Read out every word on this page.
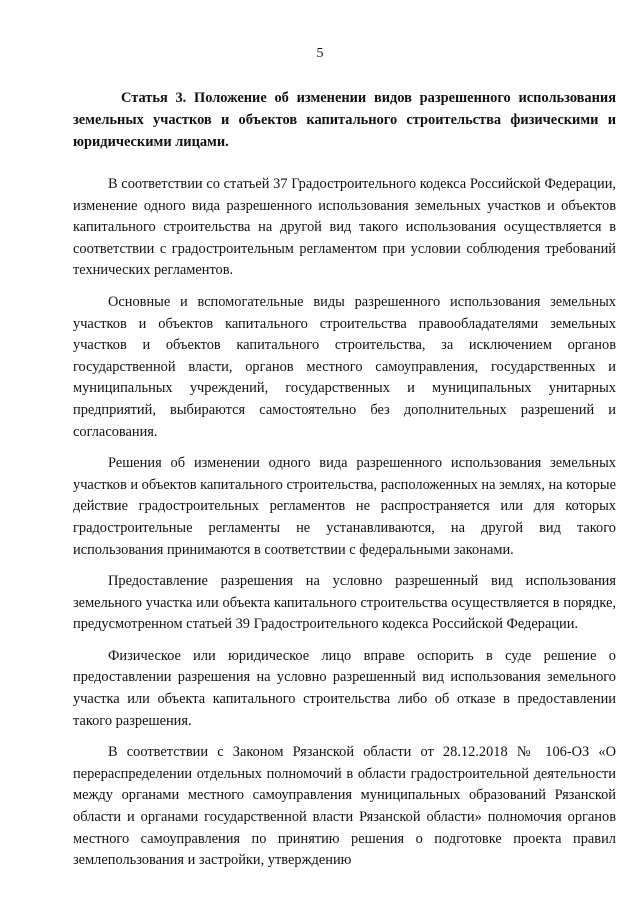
5

Статья 3. Положение об изменении видов разрешенного использования земельных участков и объектов капитального строительства физическими и юридическими лицами.

В соответствии со статьей 37 Градостроительного кодекса Российской Федерации, изменение одного вида разрешенного использования земельных участков и объектов капитального строительства на другой вид такого использования осуществляется в соответствии с градостроительным регламентом при условии соблюдения требований технических регламентов.

Основные и вспомогательные виды разрешенного использования земельных участков и объектов капитального строительства правообладателями земельных участков и объектов капитального строительства, за исключением органов государственной власти, органов местного самоуправления, государственных и муниципальных учреждений, государственных и муниципальных унитарных предприятий, выбираются самостоятельно без дополнительных разрешений и согласования.

Решения об изменении одного вида разрешенного использования земельных участков и объектов капитального строительства, расположенных на землях, на которые действие градостроительных регламентов не распространяется или для которых градостроительные регламенты не устанавливаются, на другой вид такого использования принимаются в соответствии с федеральными законами.

Предоставление разрешения на условно разрешенный вид использования земельного участка или объекта капитального строительства осуществляется в порядке, предусмотренном статьей 39 Градостроительного кодекса Российской Федерации.

Физическое или юридическое лицо вправе оспорить в суде решение о предоставлении разрешения на условно разрешенный вид использования земельного участка или объекта капитального строительства либо об отказе в предоставлении такого разрешения.

В соответствии с Законом Рязанской области от 28.12.2018 № 106-ОЗ «О перераспределении отдельных полномочий в области градостроительной деятельности между органами местного самоуправления муниципальных образований Рязанской области и органами государственной власти Рязанской области» полномочия органов местного самоуправления по принятию решения о подготовке проекта правил землепользования и застройки, утверждению
